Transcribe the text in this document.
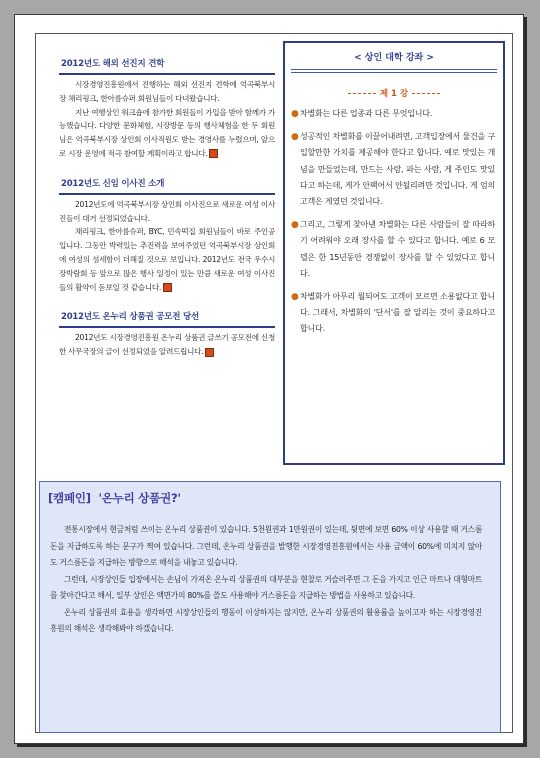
2012년도 해외 선진지 견학

시장경영진흥원에서 진행하는 해외 선진지 견학에 억곡북부시장 채리핑크, 한아름슈퍼 회원님들이 다녀왔습니다.

지난 여행상인 워크숍에 참가한 회원들이 가입을 받아 함께가 가능했습니다. 다양한 문화체험, 시장방문 등의 행사체험을 한 두 회원님은 억곡북부시장 상인회 이사직원도 받는 경영사를 누렸으며, 앞으로 시장 운영에 적극 참여할 계획이라고 합니다.

2012년도 신임 이사진 소개

2012년도에 억곡북부시장 상인회 이사진으로 새로운 여성 이사진들이 대거 선정되었습니다.

채리핑크, 한아름슈퍼, BYC, 민속떡집 회원님들이 바로 주인공입니다. 그동안 박력있는 추진력을 보여주었던 억곡북부시장 상인회에 여성의 섬세함이 더해질 것으로 보입니다. 2012년도 전국 우수시장박람회 등 앞으로 많은 행사 일정이 있는 만큼 새로운 여성 이사진들의 활약이 돋보일 것 같습니다.

2012년도 온누리 상품권 공모전 당선

2012년도 시장경영진흥원 온누리 상품권 글쓰기 공모전에 신청한 사무국장의 글이 선정되었음 알려드립니다.

< 상인 대학 강좌 >
제 1 강
● 차별화는 다른 업종과 다른 무엇입니다.
● 성공적인 차별화를 이끌어내려면, 고객입장에서 물건을 구입할만한 가치를 제공해야 한다고 합니다. 예로 맛있는 개념을 만들었는데, 만드는 사람, 파는 사람, 게 주인도 맛있다고 하는데, 게가 안팩어서 안될리려만 것입니다. 게 엄의 고객은 게였던 것입니다.
● 그리고, 그렇게 찾아낸 차별화는 다른 사람들이 잘 따라하기 어려워야 오래 장사를 할 수 있다고 합니다. 예로 6 모델은 한 15년동안 경쟁없이 장사를 할 수 있었다고 합니다.
● 차별화가 아무리 월되어도 고객이 모르면 소용없다고 합니다. 그래서, 차별화의 '단서'를 잘 알리는 것이 중요하다고 합니다.
[캠페인] '온누리 상품권?'

전통시장에서 현금처럼 쓰이는 온누리 상품권이 있습니다. 5천원권과 1만원권이 있는데, 뒷면에 보면 60% 이상 사용할 때 거스름돈을 지급하도록 하는 문구가 찍여 있습니다. 그런데, 온누리 상품권을 발행한 시장경영진흥원에서는 사용 금액이 60%에 미치지 않아도 거스름돈을 지급하는 방향으로 해석을 내놓고 있습니다.

그런데, 시장상인들 입장에서는 손님이 가져온 온누리 상품권의 대부분을 현찰로 거슬러주면 그 돈을 가지고 인근 마트나 대형마트를 찾아간다고 해서, 일부 상인은 액면가의 80%를 쓸도 사용해야 거스름돈을 지급하는 방법을 사용하고 있습니다.

온누리 상품권의 효용을 생각하면 시장상인들의 행동이 이상하지는 않지만, 온누리 상품권의 활용률을 높이고자 하는 시장경영진흥원의 해석은 생각해봐야 하겠습니다.
